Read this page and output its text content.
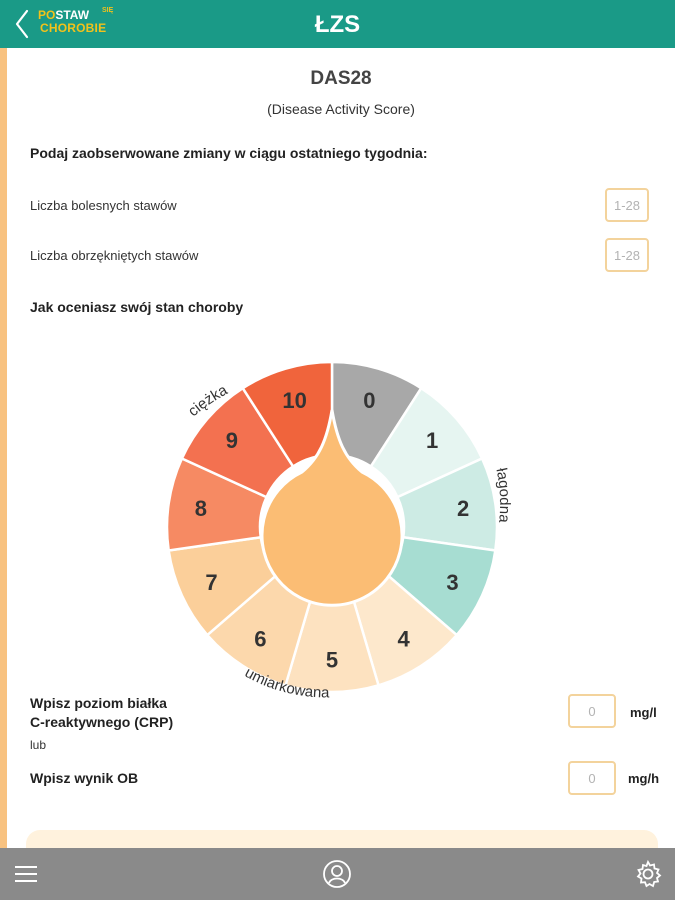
POSTAW SIĘ
CHOROBIE	ŁZS
DAS28
(Disease Activity Score)
Podaj zaobserwowane zmiany w ciągu ostatniego tygodnia:
Liczba bolesnych stawów
1-28
Liczba obrzękniętych stawów
1-28
Jak oceniasz swój stan choroby
0
1
2
3
4
5
6
7
8
9
10
ciężka
łagodna
umiarkowana
Wpisz poziom białka
C-reaktywnego (CRP)
0
mg/l
lub
Wpisz wynik OB
0	mg/h
